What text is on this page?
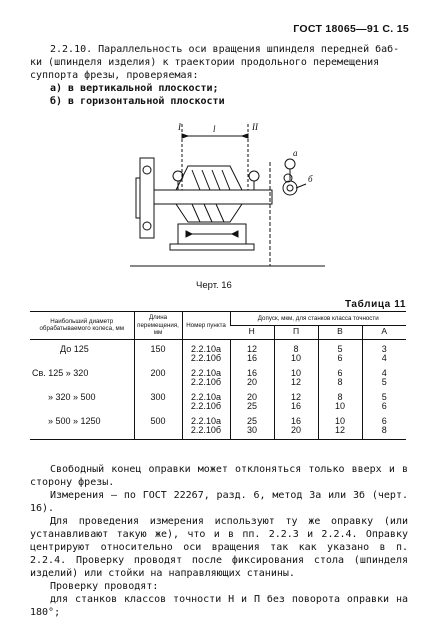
ГОСТ 18065—91 С. 15
2.2.10. Параллельность оси вращения шпинделя передней баб-
ки (шпинделя изделия) к траектории продольного перемещения
суппорта фрезы, проверяемая:
а) в вертикальной плоскости;
б) в горизонтальной плоскости
I	l	II
а
б
Черт. 16
Таблица 11
Наибольший диаметр обрабатываемого колеса, мм	Длина перемещения, мм	Номер пункта	Допуск, мкм, для станков класса точности			
			Н	П	В	А
До 125	150	2.2.10а	12	8	5	3
		2.2.10б	16	10	6	4
Св. 125 » 320	200	2.2.10а	16	10	6	4
		2.2.10б	20	12	8	5
» 320 » 500	300	2.2.10а	20	12	8	5
		2.2.10б	25	16	10	6
» 500 » 1250	500	2.2.10а	25	16	10	6
		2.2.10б	30	20	12	8

Свободный конец оправки может отклоняться только вверх и в сторону фрезы.

Измерения — по ГОСТ 22267, разд. 6, метод 3а или 3б (черт. 16).

Для проведения измерения используют ту же оправку (или устанавливают такую же), что и в пп. 2.2.3 и 2.2.4. Оправку центрируют относительно оси вращения так как указано в п. 2.2.4. Проверку проводят после фиксирования стола (шпинделя изделий) или стойки на направляющих станины.

Проверку проводят:

для станков классов точности Н и П без поворота оправки на 180°;
